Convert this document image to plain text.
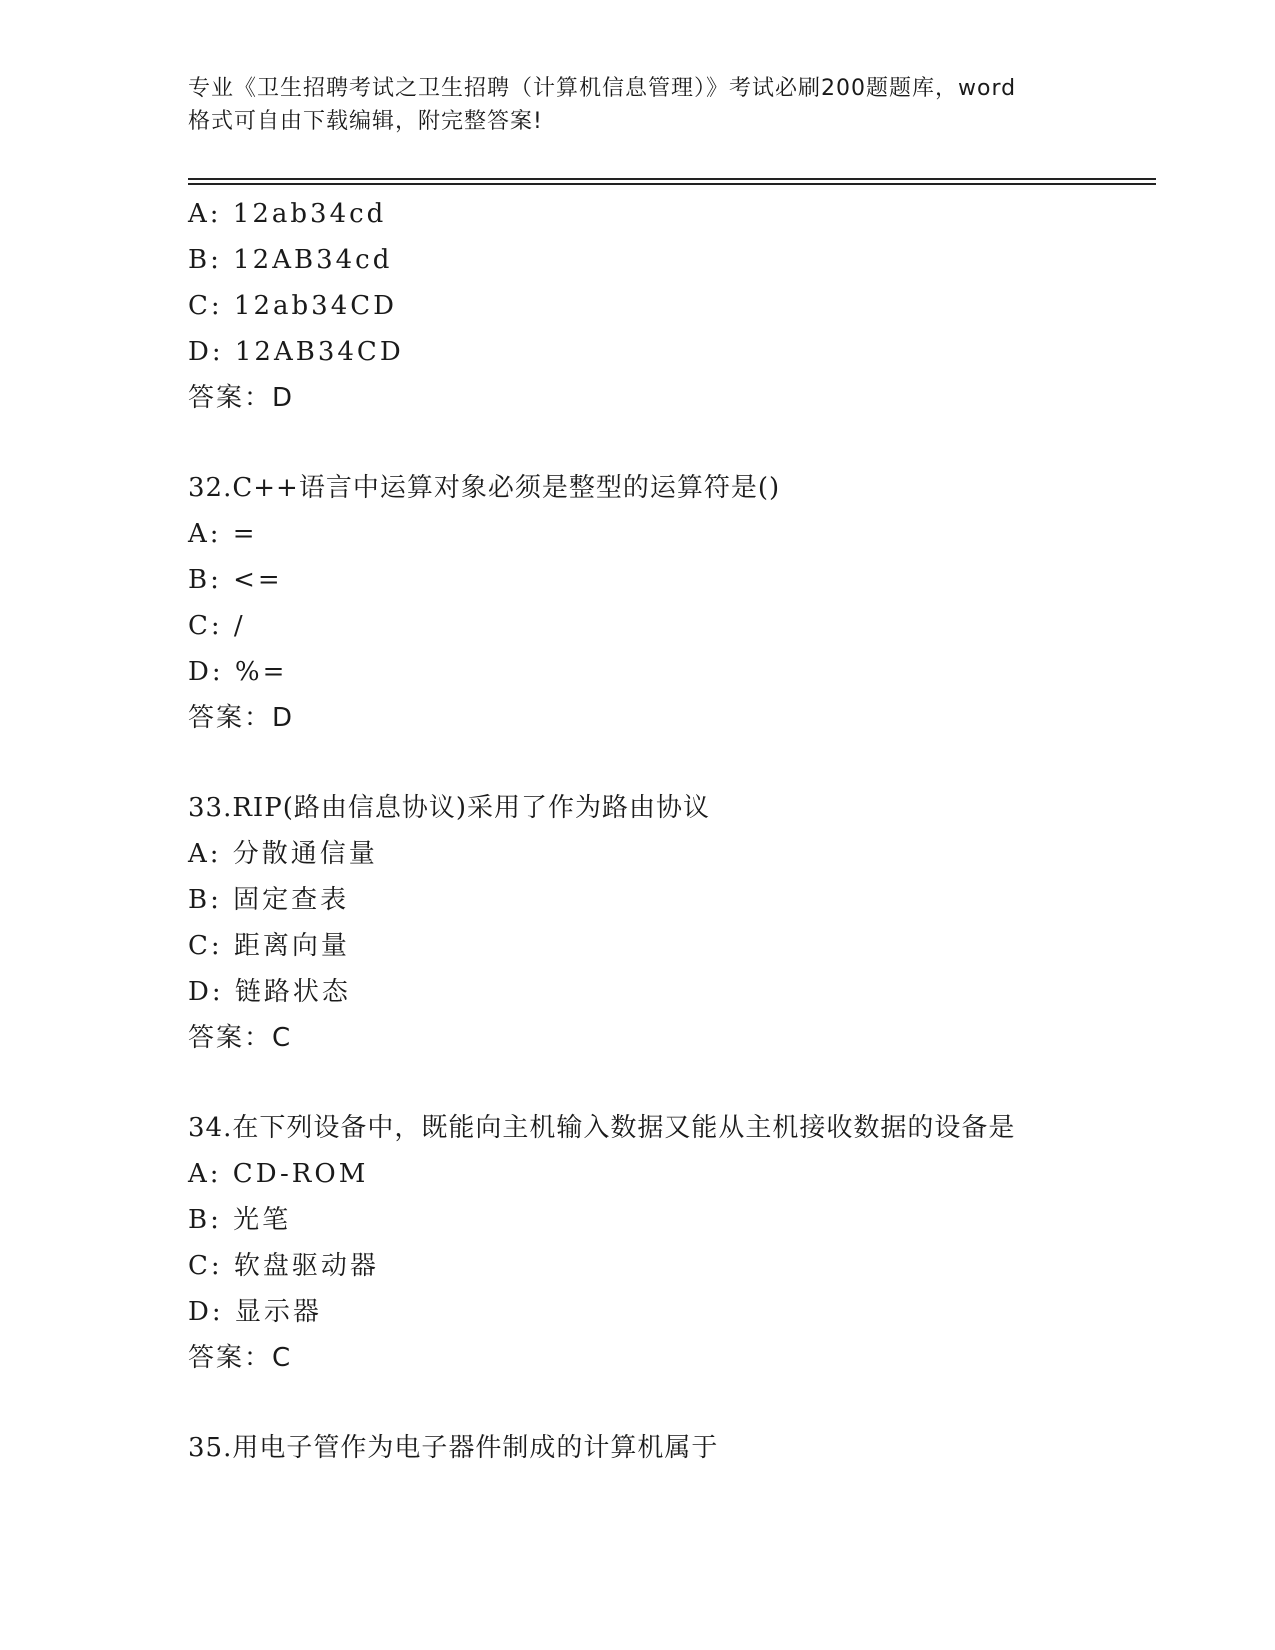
专业《卫生招聘考试之卫生招聘（计算机信息管理）》考试必刷200题题库，word
格式可自由下载编辑，附完整答案!
A: 12ab34cd
B: 12AB34cd
C: 12ab34CD
D: 12AB34CD
答案：D
32.C++语言中运算对象必须是整型的运算符是()
A: =
B: <=
C: /
D: %=
答案：D
33.RIP(路由信息协议)采用了作为路由协议
A: 分散通信量
B: 固定查表
C: 距离向量
D: 链路状态
答案：C
34.在下列设备中，既能向主机输入数据又能从主机接收数据的设备是
A: CD-ROM
B: 光笔
C: 软盘驱动器
D: 显示器
答案：C
35.用电子管作为电子器件制成的计算机属于
